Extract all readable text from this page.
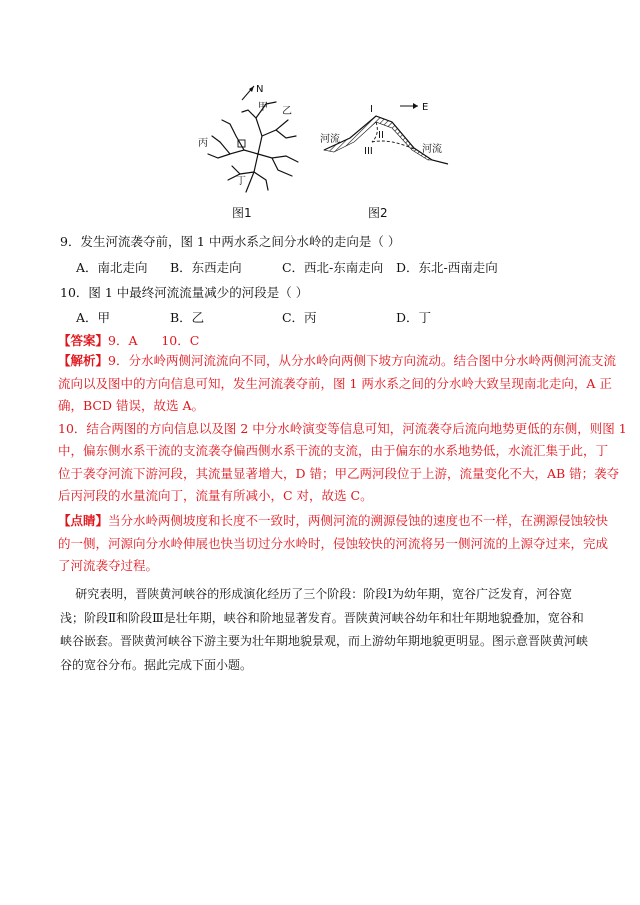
N
甲 乙
丙
丁
E
I
II
III
河流
河流
图1	图2
9．发生河流袭夺前，图 1 中两水系之间分水岭的走向是（ ）
A．南北走向 B．东西走向	C．西北-东南走向 D．东北-西南走向
10．图 1 中最终河流流量减少的河段是（ ）
A．甲	B．乙	C．丙	D．丁
【答案】9．A      10．C
【解析】9．分水岭两侧河流流向不同，从分水岭向两侧下坡方向流动。结合图中分水岭两侧河流支流
流向以及图中的方向信息可知，发生河流袭夺前，图 1 两水系之间的分水岭大致呈现南北走向，A 正
确，BCD 错误，故选 A。
10．结合两图的方向信息以及图 2 中分水岭演变等信息可知，河流袭夺后流向地势更低的东侧，则图 1
中，偏东侧水系干流的支流袭夺偏西侧水系干流的支流，由于偏东的水系地势低，水流汇集于此，丁
位于袭夺河流下游河段，其流量显著增大，D 错；甲乙两河段位于上游，流量变化不大，AB 错；袭夺
后丙河段的水量流向丁，流量有所减小，C 对，故选 C。
【点睛】当分水岭两侧坡度和长度不一致时，两侧河流的溯源侵蚀的速度也不一样，在溯源侵蚀较快
的一侧，河源向分水岭伸展也快当切过分水岭时，侵蚀较快的河流将另一侧河流的上源夺过来，完成
了河流袭夺过程。
研究表明，晋陕黄河峡谷的形成演化经历了三个阶段：阶段Ⅰ为幼年期，宽谷广泛发育，河谷宽
浅；阶段Ⅱ和阶段Ⅲ是壮年期，峡谷和阶地显著发育。晋陕黄河峡谷幼年和壮年期地貌叠加，宽谷和
峡谷嵌套。晋陕黄河峡谷下游主要为壮年期地貌景观，而上游幼年期地貌更明显。图示意晋陕黄河峡
谷的宽谷分布。据此完成下面小题。
